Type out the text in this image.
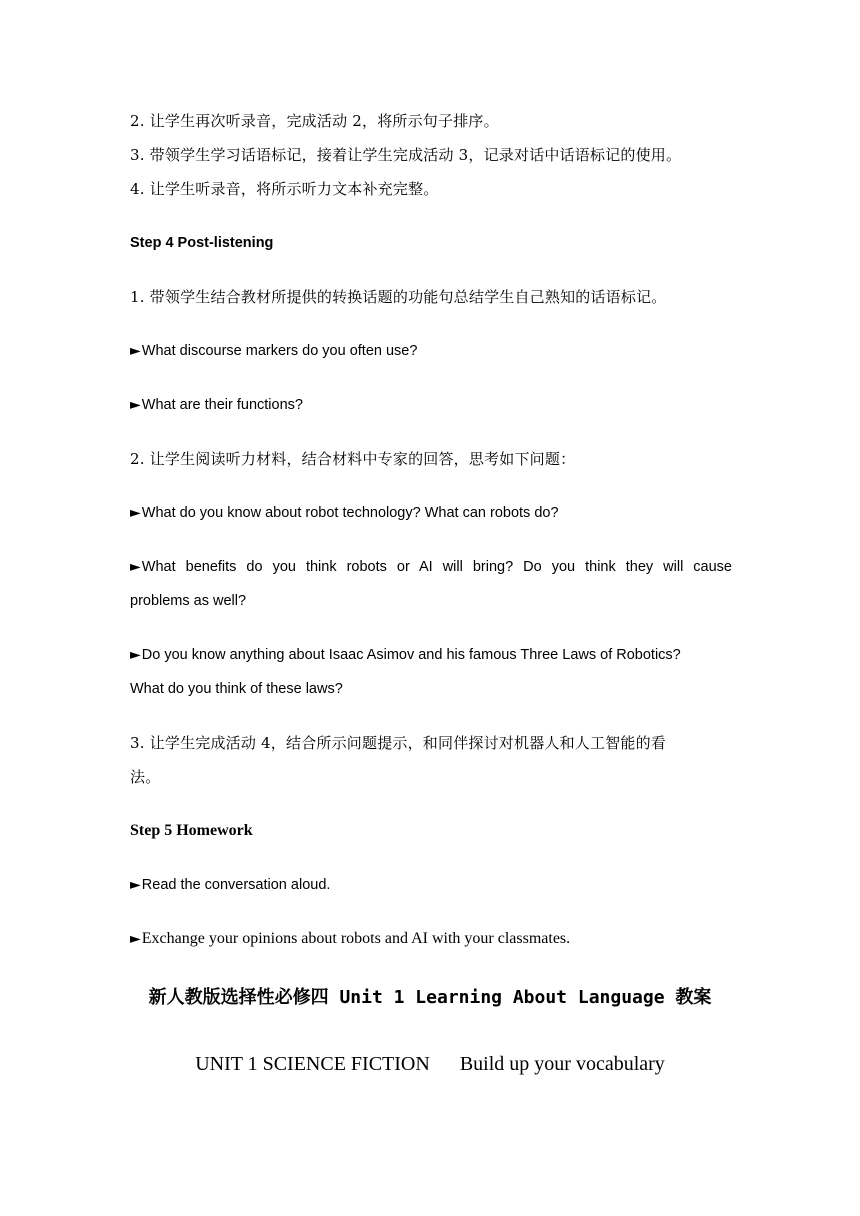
2. 让学生再次听录音，完成活动 2，将所示句子排序。
3. 带领学生学习话语标记，接着让学生完成活动 3，记录对话中话语标记的使用。
4. 让学生听录音，将所示听力文本补充完整。
Step 4 Post-listening
1. 带领学生结合教材所提供的转换话题的功能句总结学生自己熟知的话语标记。
►What discourse markers do you often use?
►What are their functions?
2. 让学生阅读听力材料，结合材料中专家的回答，思考如下问题：
►What do you know about robot technology? What can robots do?
►What benefits do you think robots or AI will bring? Do you think they will cause
problems as well?
►Do you know anything about Isaac Asimov and his famous Three Laws of Robotics?
What do you think of these laws?
3. 让学生完成活动 4，结合所示问题提示，和同伴探讨对机器人和人工智能的看
法。
Step 5 Homework
►Read the conversation aloud.
►Exchange your opinions about robots and AI with your classmates.
新人教版选择性必修四 Unit 1 Learning About Language 教案
UNIT 1 SCIENCE FICTION Build up your vocabulary
